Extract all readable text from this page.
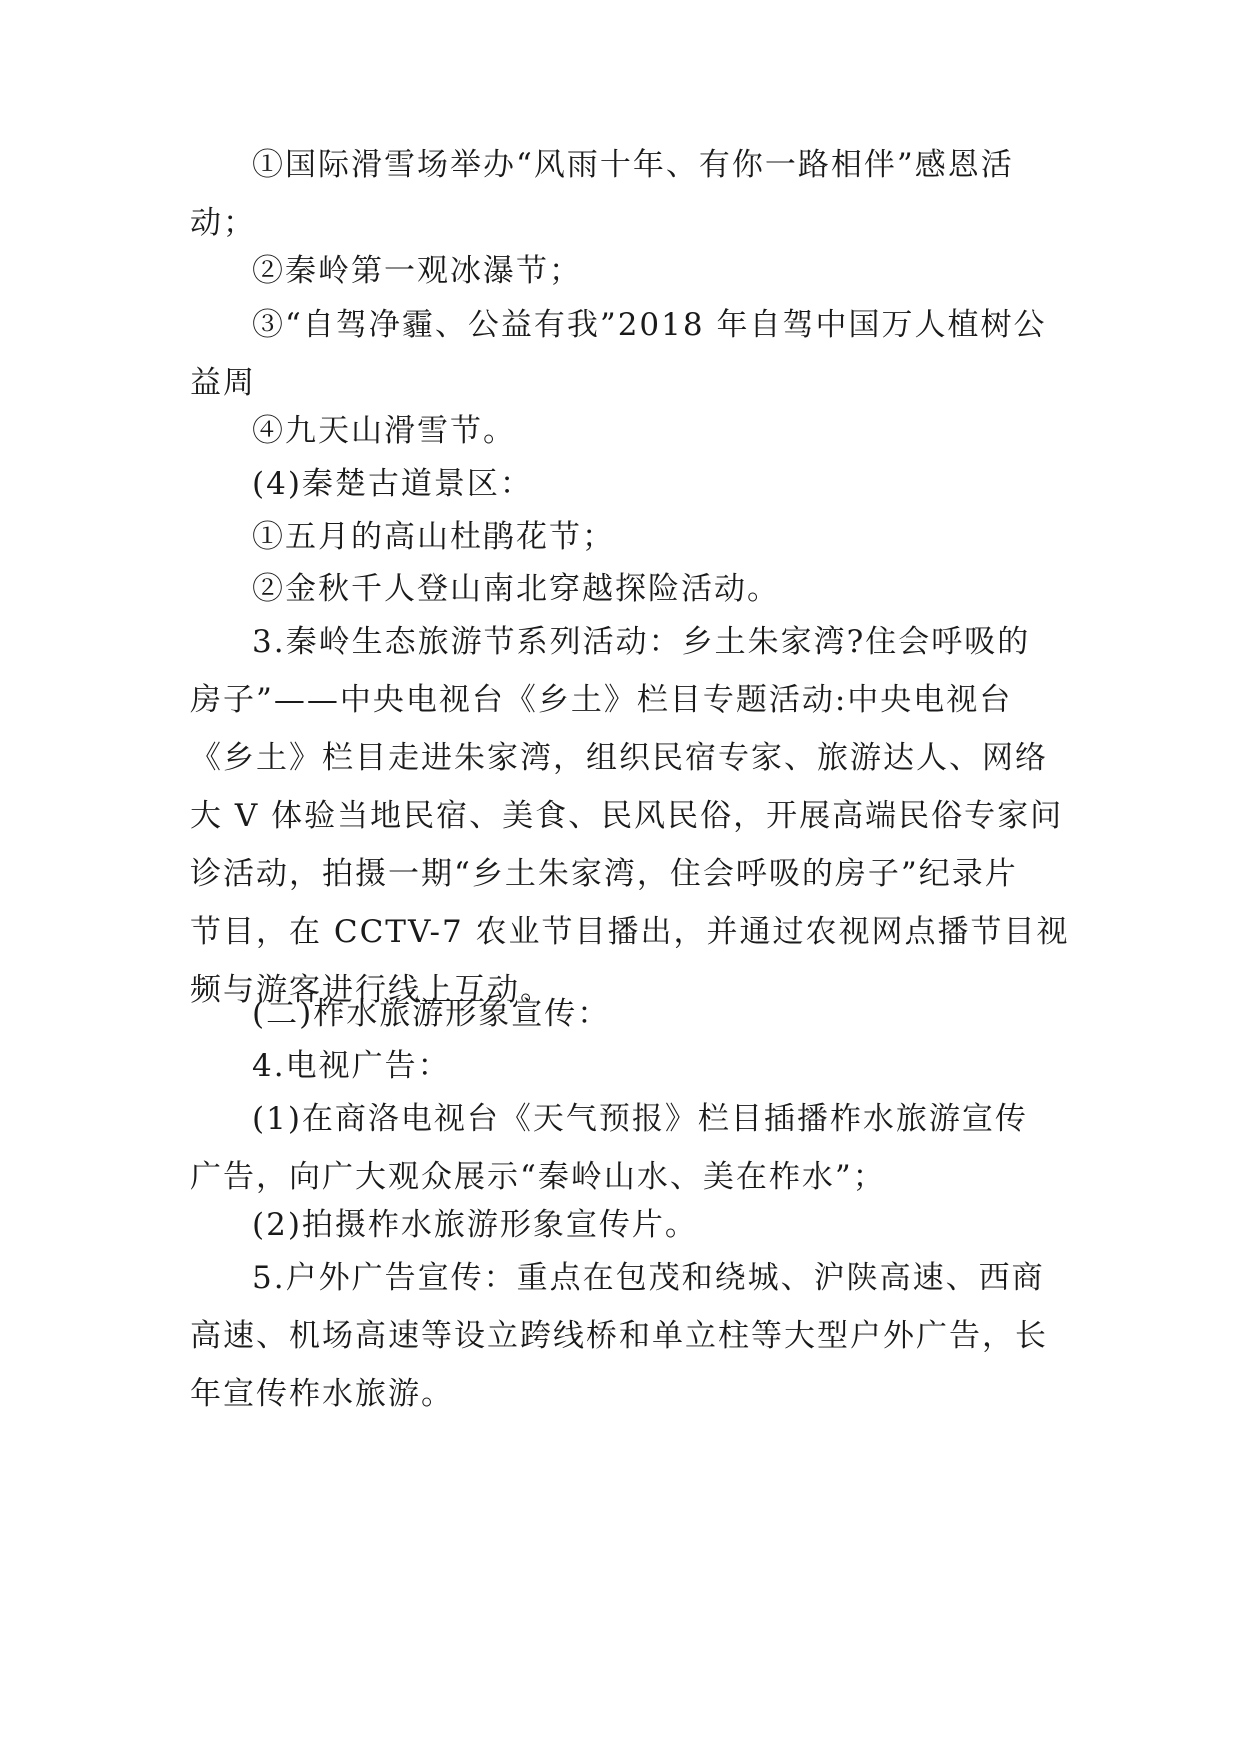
①国际滑雪场举办“风雨十年、有你一路相伴”感恩活
动；

②秦岭第一观冰瀑节；

③“自驾净霾、公益有我”2018 年自驾中国万人植树公
益周

④九天山滑雪节。

(4)秦楚古道景区：

①五月的高山杜鹃花节；

②金秋千人登山南北穿越探险活动。

3.秦岭生态旅游节系列活动：乡土朱家湾?住会呼吸的
房子”——中央电视台《乡土》栏目专题活动:中央电视台
《乡土》栏目走进朱家湾，组织民宿专家、旅游达人、网络
大 V 体验当地民宿、美食、民风民俗，开展高端民俗专家问
诊活动，拍摄一期“乡土朱家湾，住会呼吸的房子”纪录片
节目，在 CCTV-7 农业节目播出，并通过农视网点播节目视
频与游客进行线上互动。

(二)柞水旅游形象宣传：

4.电视广告：

(1)在商洛电视台《天气预报》栏目插播柞水旅游宣传
广告，向广大观众展示“秦岭山水、美在柞水”；

(2)拍摄柞水旅游形象宣传片。

5.户外广告宣传：重点在包茂和绕城、沪陕高速、西商
高速、机场高速等设立跨线桥和单立柱等大型户外广告，长
年宣传柞水旅游。
